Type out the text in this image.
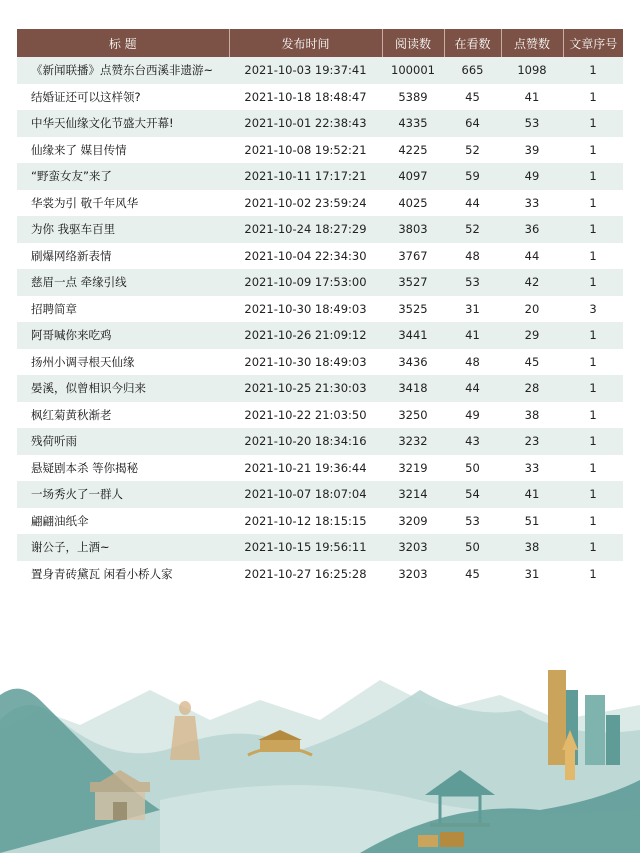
标 题	发布时间	阅读数	在看数	点赞数	文章序号
《新闻联播》点赞东台西溪非遗游~	2021-10-03 19:37:41	100001	665	1098	1
结婚证还可以这样领?	2021-10-18 18:48:47	5389	45	41	1
中华天仙缘文化节盛大开幕!	2021-10-01 22:38:43	4335	64	53	1
仙缘来了 媒目传情	2021-10-08 19:52:21	4225	52	39	1
“野蛮女友”来了	2021-10-11 17:17:21	4097	59	49	1
华裳为引 敬千年风华	2021-10-02 23:59:24	4025	44	33	1
为你 我驱车百里	2021-10-24 18:27:29	3803	52	36	1
刷爆网络新表情	2021-10-04 22:34:30	3767	48	44	1
慈眉一点 牵缘引线	2021-10-09 17:53:00	3527	53	42	1
招聘简章	2021-10-30 18:49:03	3525	31	20	3
阿哥喊你来吃鸡	2021-10-26 21:09:12	3441	41	29	1
扬州小调寻根天仙缘	2021-10-30 18:49:03	3436	48	45	1
晏溪，似曾相识今归来	2021-10-25 21:30:03	3418	44	28	1
枫红菊黄秋渐老	2021-10-22 21:03:50	3250	49	38	1
残荷听雨	2021-10-20 18:34:16	3232	43	23	1
悬疑剧本杀 等你揭秘	2021-10-21 19:36:44	3219	50	33	1
一场秀火了一群人	2021-10-07 18:07:04	3214	54	41	1
翩翩油纸伞	2021-10-12 18:15:15	3209	53	51	1
谢公子，上酒~	2021-10-15 19:56:11	3203	50	38	1
置身青砖黛瓦 闲看小桥人家	2021-10-27 16:25:28	3203	45	31	1
